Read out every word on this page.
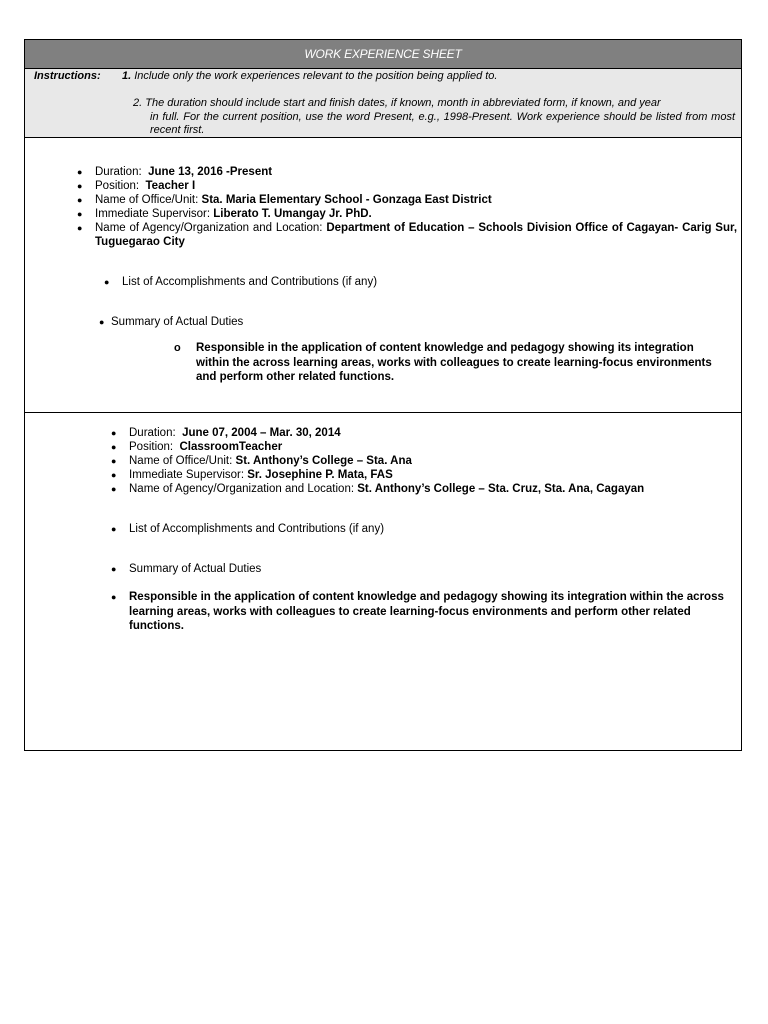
WORK EXPERIENCE SHEET
Instructions: 1. Include only the work experiences relevant to the position being applied to.
2. The duration should include start and finish dates, if known, month in abbreviated form, if known, and year
in full. For the current position, use the word Present, e.g., 1998-Present. Work experience should be listed from most recent first.
● Duration: June 13, 2016 -Present
● Position: Teacher I
● Name of Office/Unit: Sta. Maria Elementary School - Gonzaga East District
● Immediate Supervisor: Liberato T. Umangay Jr. PhD.
● Name of Agency/Organization and Location: Department of Education – Schools Division Office of Cagayan- Carig Sur, Tuguegarao City
● List of Accomplishments and Contributions (if any)
● Summary of Actual Duties
o Responsible in the application of content knowledge and pedagogy showing its integration within the across learning areas, works with colleagues to create learning-focus environments and perform other related functions.
● Duration: June 07, 2004 – Mar. 30, 2014
● Position: ClassroomTeacher
● Name of Office/Unit: St. Anthony’s College – Sta. Ana
● Immediate Supervisor: Sr. Josephine P. Mata, FAS
● Name of Agency/Organization and Location: St. Anthony’s College – Sta. Cruz, Sta. Ana, Cagayan
● List of Accomplishments and Contributions (if any)
● Summary of Actual Duties
● Responsible in the application of content knowledge and pedagogy showing its integration within the across learning areas, works with colleagues to create learning-focus environments and perform other related functions.
